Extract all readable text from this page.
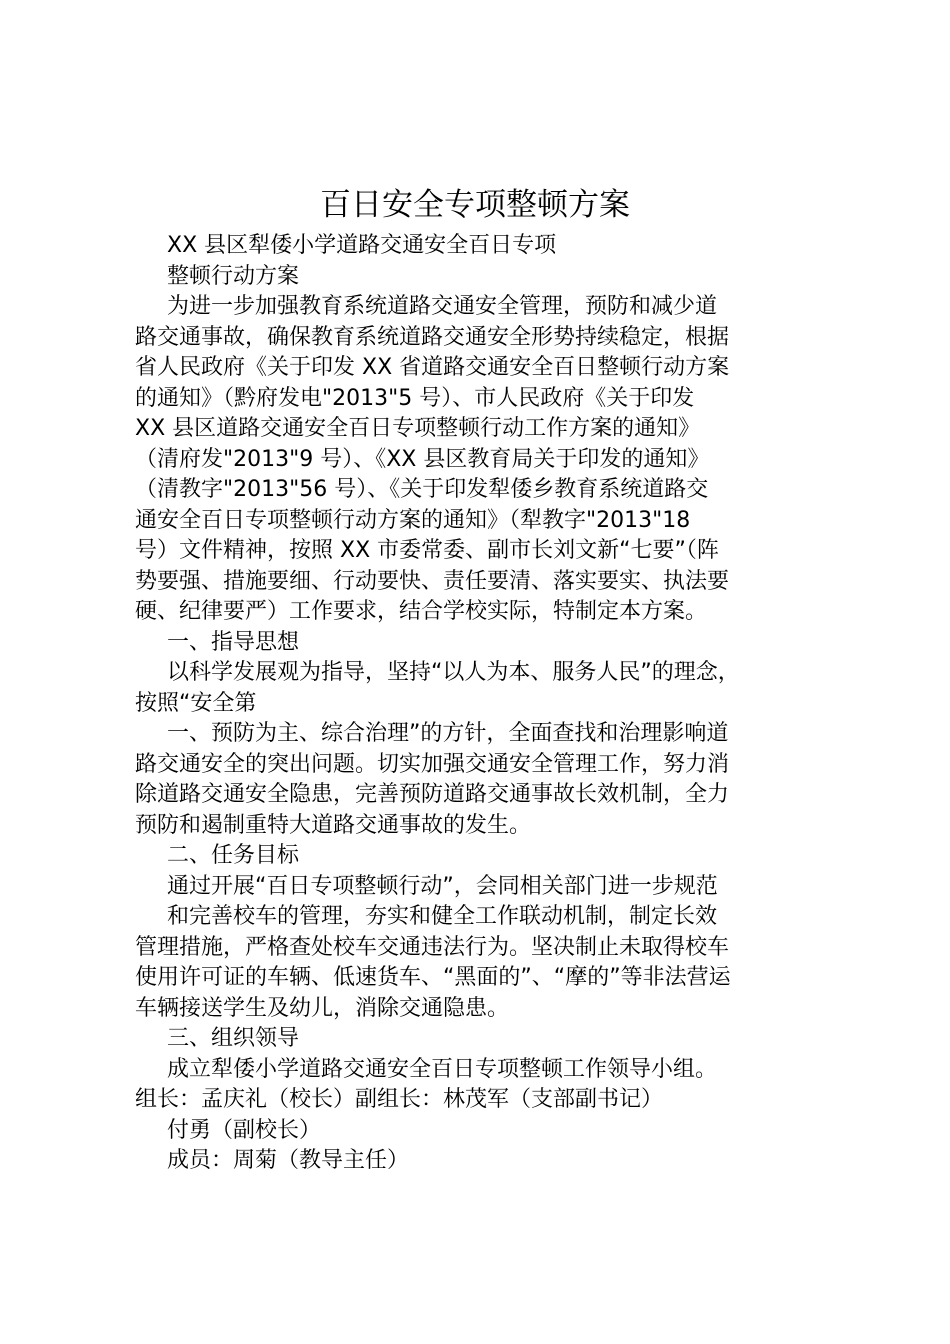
百日安全专项整顿方案
XX 县区犁倭小学道路交通安全百日专项
整顿行动方案
为进一步加强教育系统道路交通安全管理，预防和减少道
路交通事故，确保教育系统道路交通安全形势持续稳定，根据
省人民政府《关于印发 XX 省道路交通安全百日整顿行动方案
的通知》（黔府发电"2013"5 号）、市人民政府《关于印发
XX 县区道路交通安全百日专项整顿行动工作方案的通知》
（清府发"2013"9 号）、《XX 县区教育局关于印发的通知》
（清教字"2013"56 号）、《关于印发犁倭乡教育系统道路交
通安全百日专项整顿行动方案的通知》（犁教字"2013"18
号）文件精神，按照 XX 市委常委、副市长刘文新“七要”（阵
势要强、措施要细、行动要快、责任要清、落实要实、执法要
硬、纪律要严）工作要求，结合学校实际，特制定本方案。
一、指导思想
以科学发展观为指导，坚持“以人为本、服务人民”的理念，
按照“安全第
一、预防为主、综合治理”的方针，全面查找和治理影响道
路交通安全的突出问题。切实加强交通安全管理工作，努力消
除道路交通安全隐患，完善预防道路交通事故长效机制，全力
预防和遏制重特大道路交通事故的发生。
二、任务目标
通过开展“百日专项整顿行动”，会同相关部门进一步规范
和完善校车的管理，夯实和健全工作联动机制，制定长效
管理措施，严格查处校车交通违法行为。坚决制止未取得校车
使用许可证的车辆、低速货车、“黑面的”、“摩的”等非法营运
车辆接送学生及幼儿，消除交通隐患。
三、组织领导
成立犁倭小学道路交通安全百日专项整顿工作领导小组。
组长：孟庆礼（校长）副组长：林茂军（支部副书记）
付勇（副校长）
成员：周菊（教导主任）
